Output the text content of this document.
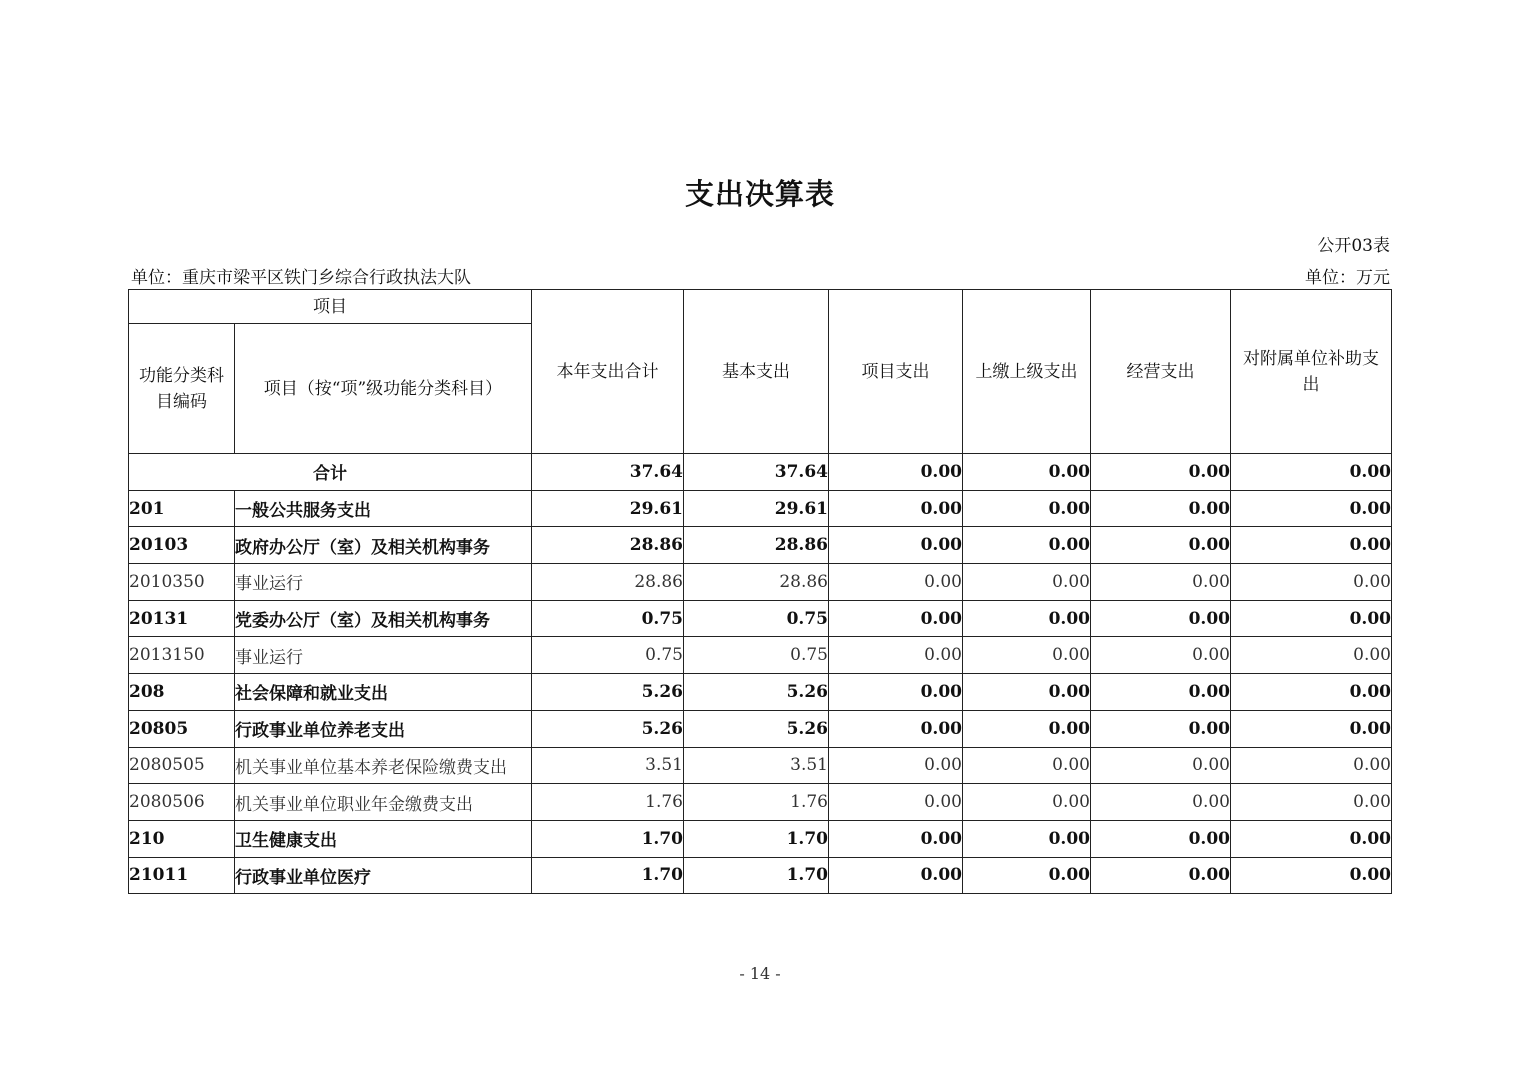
支出决算表
公开03表
单位：重庆市梁平区铁门乡综合行政执法大队	单位：万元
项目		本年支出合计	基本支出	项目支出	上缴上级支出	经营支出	对附属单位补助支出
功能分类科目编码	项目（按“项”级功能分类科目）						
合计		37.64	37.64	0.00	0.00	0.00	0.00
201	一般公共服务支出	29.61	29.61	0.00	0.00	0.00	0.00
20103	政府办公厅（室）及相关机构事务	28.86	28.86	0.00	0.00	0.00	0.00
2010350	事业运行	28.86	28.86	0.00	0.00	0.00	0.00
20131	党委办公厅（室）及相关机构事务	0.75	0.75	0.00	0.00	0.00	0.00
2013150	事业运行	0.75	0.75	0.00	0.00	0.00	0.00
208	社会保障和就业支出	5.26	5.26	0.00	0.00	0.00	0.00
20805	行政事业单位养老支出	5.26	5.26	0.00	0.00	0.00	0.00
2080505	机关事业单位基本养老保险缴费支出	3.51	3.51	0.00	0.00	0.00	0.00
2080506	机关事业单位职业年金缴费支出	1.76	1.76	0.00	0.00	0.00	0.00
210	卫生健康支出	1.70	1.70	0.00	0.00	0.00	0.00
21011	行政事业单位医疗	1.70	1.70	0.00	0.00	0.00	0.00
- 14 -
